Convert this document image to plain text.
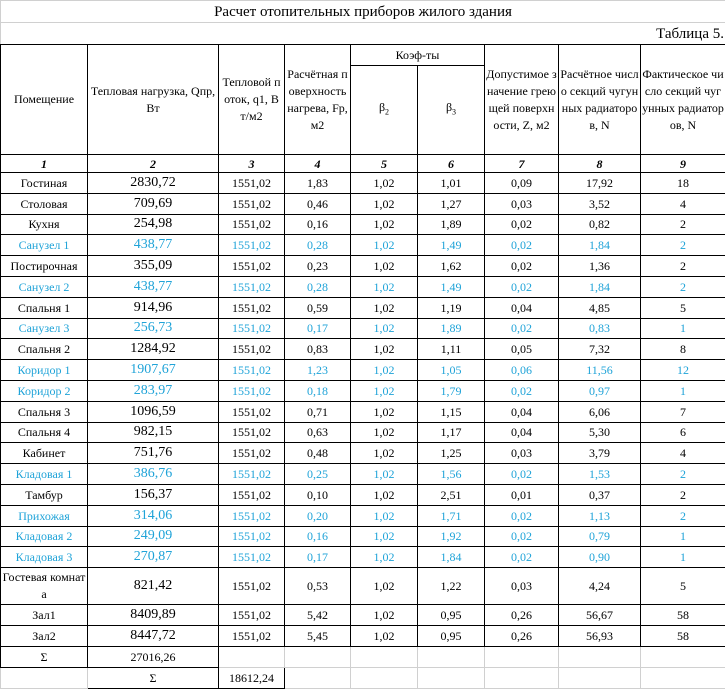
Расчет отопительных приборов жилого здания								
Таблица 5.								
Помещение	Тепловая нагрузка, Qпр, Вт	Тепловой поток, q1, Вт/м2	Расчётная поверхность нагрева, Fp, м2	Коэф-ты		Допустимое значение греющей поверхности, Z, м2	Расчётное число секций чугунных радиаторов, N	Фактическое число секций чугунных радиаторов, N
				$\beta_2$	$\beta_3$
1	2	3	4	5	6	7	8	9
Гостиная	2830,72	1551,02	1,83	1,02	1,01	0,09	17,92	18
Столовая	709,69	1551,02	0,46	1,02	1,27	0,03	3,52	4
Кухня	254,98	1551,02	0,16	1,02	1,89	0,02	0,82	2
Санузел 1	438,77	1551,02	0,28	1,02	1,49	0,02	1,84	2
Постирочная	355,09	1551,02	0,23	1,02	1,62	0,02	1,36	2
Санузел 2	438,77	1551,02	0,28	1,02	1,49	0,02	1,84	2
Спальня 1	914,96	1551,02	0,59	1,02	1,19	0,04	4,85	5
Санузел 3	256,73	1551,02	0,17	1,02	1,89	0,02	0,83	1
Спальня 2	1284,92	1551,02	0,83	1,02	1,11	0,05	7,32	8
Коридор 1	1907,67	1551,02	1,23	1,02	1,05	0,06	11,56	12
Коридор 2	283,97	1551,02	0,18	1,02	1,79	0,02	0,97	1
Спальня 3	1096,59	1551,02	0,71	1,02	1,15	0,04	6,06	7
Спальня 4	982,15	1551,02	0,63	1,02	1,17	0,04	5,30	6
Кабинет	751,76	1551,02	0,48	1,02	1,25	0,03	3,79	4
Кладовая 1	386,76	1551,02	0,25	1,02	1,56	0,02	1,53	2
Тамбур	156,37	1551,02	0,10	1,02	2,51	0,01	0,37	2
Прихожая	314,06	1551,02	0,20	1,02	1,71	0,02	1,13	2
Кладовая 2	249,09	1551,02	0,16	1,02	1,92	0,02	0,79	1
Кладовая 3	270,87	1551,02	0,17	1,02	1,84	0,02	0,90	1
Гостевая комната	821,42	1551,02	0,53	1,02	1,22	0,03	4,24	5
Зал1	8409,89	1551,02	5,42	1,02	0,95	0,26	56,67	58
Зал2	8447,72	1551,02	5,45	1,02	0,95	0,26	56,93	58
Σ	27016,26							
	Σ	18612,24						
